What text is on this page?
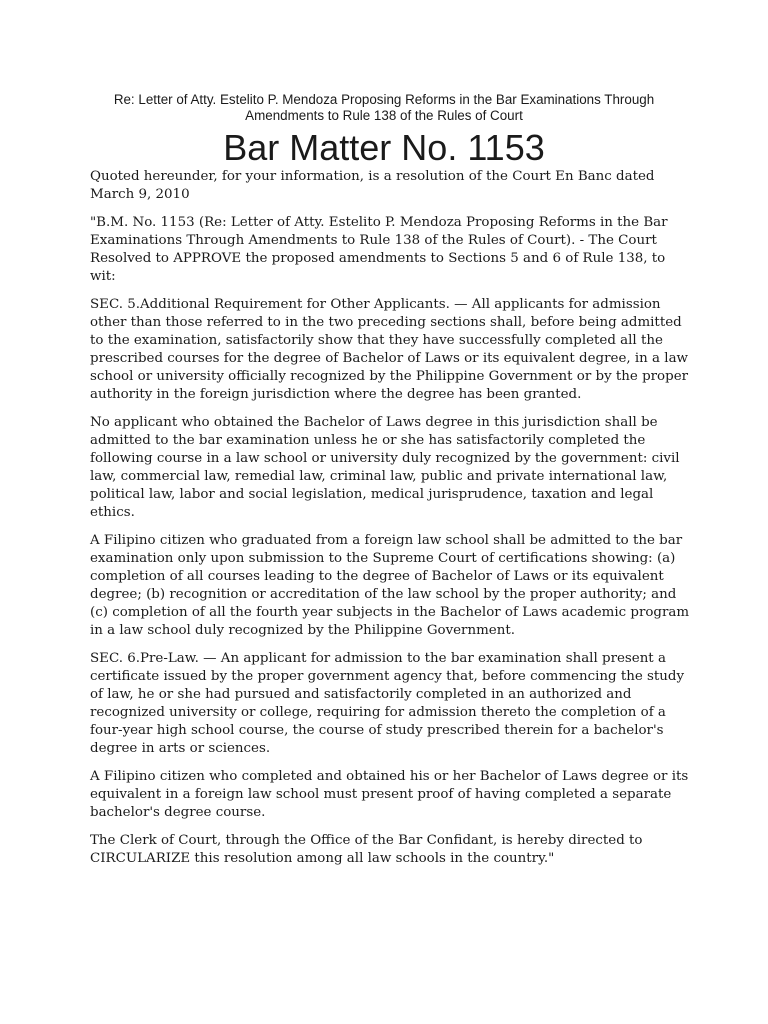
Re: Letter of Atty. Estelito P. Mendoza Proposing Reforms in the Bar Examinations Through
Amendments to Rule 138 of the Rules of Court
Bar Matter No. 1153

Quoted hereunder, for your information, is a resolution of the Court En Banc dated March 9, 2010

"B.M. No. 1153 (Re: Letter of Atty. Estelito P. Mendoza Proposing Reforms in the Bar Examinations Through Amendments to Rule 138 of the Rules of Court). - The Court Resolved to APPROVE the proposed amendments to Sections 5 and 6 of Rule 138, to wit:

SEC. 5.Additional Requirement for Other Applicants. — All applicants for admission other than those referred to in the two preceding sections shall, before being admitted to the examination, satisfactorily show that they have successfully completed all the prescribed courses for the degree of Bachelor of Laws or its equivalent degree, in a law school or university officially recognized by the Philippine Government or by the proper authority in the foreign jurisdiction where the degree has been granted.

No applicant who obtained the Bachelor of Laws degree in this jurisdiction shall be admitted to the bar examination unless he or she has satisfactorily completed the following course in a law school or university duly recognized by the government: civil law, commercial law, remedial law, criminal law, public and private international law, political law, labor and social legislation, medical jurisprudence, taxation and legal ethics.

A Filipino citizen who graduated from a foreign law school shall be admitted to the bar examination only upon submission to the Supreme Court of certifications showing: (a) completion of all courses leading to the degree of Bachelor of Laws or its equivalent degree; (b) recognition or accreditation of the law school by the proper authority; and (c) completion of all the fourth year subjects in the Bachelor of Laws academic program in a law school duly recognized by the Philippine Government.

SEC. 6.Pre-Law. — An applicant for admission to the bar examination shall present a certificate issued by the proper government agency that, before commencing the study of law, he or she had pursued and satisfactorily completed in an authorized and recognized university or college, requiring for admission thereto the completion of a four-year high school course, the course of study prescribed therein for a bachelor's degree in arts or sciences.

A Filipino citizen who completed and obtained his or her Bachelor of Laws degree or its equivalent in a foreign law school must present proof of having completed a separate bachelor's degree course.

The Clerk of Court, through the Office of the Bar Confidant, is hereby directed to CIRCULARIZE this resolution among all law schools in the country."
